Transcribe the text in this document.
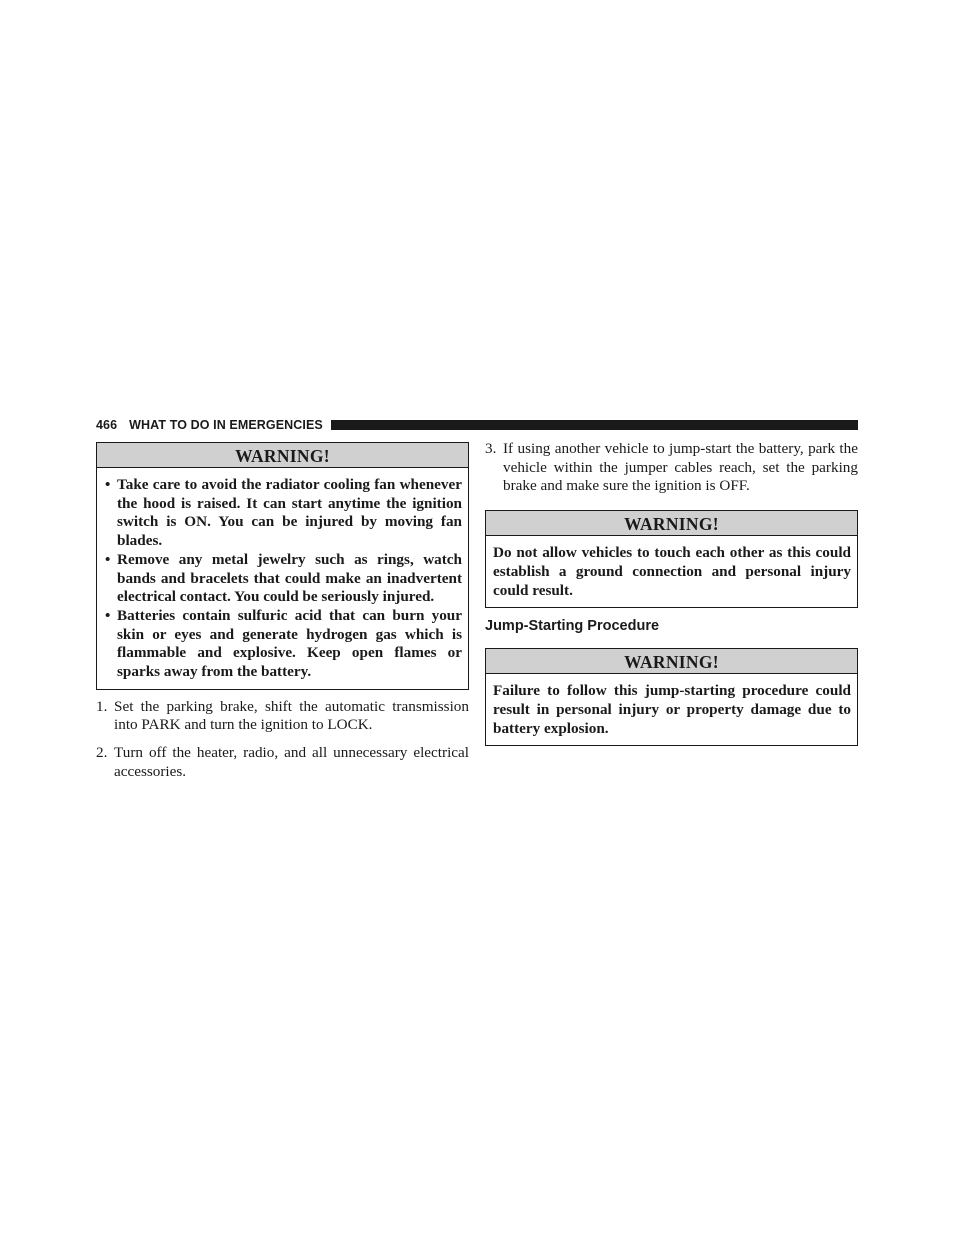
466 WHAT TO DO IN EMERGENCIES
WARNING!
• Take care to avoid the radiator cooling fan whenever the hood is raised. It can start anytime the ignition switch is ON. You can be injured by moving fan blades.
• Remove any metal jewelry such as rings, watch bands and bracelets that could make an inadvertent electrical contact. You could be seriously injured.
• Batteries contain sulfuric acid that can burn your skin or eyes and generate hydrogen gas which is flammable and explosive. Keep open flames or sparks away from the battery.
1. Set the parking brake, shift the automatic transmission into PARK and turn the ignition to LOCK.
2. Turn off the heater, radio, and all unnecessary electrical accessories.
3. If using another vehicle to jump-start the battery, park the vehicle within the jumper cables reach, set the parking brake and make sure the ignition is OFF.
WARNING!
Do not allow vehicles to touch each other as this could establish a ground connection and personal injury could result.
Jump-Starting Procedure
WARNING!
Failure to follow this jump-starting procedure could result in personal injury or property damage due to battery explosion.
